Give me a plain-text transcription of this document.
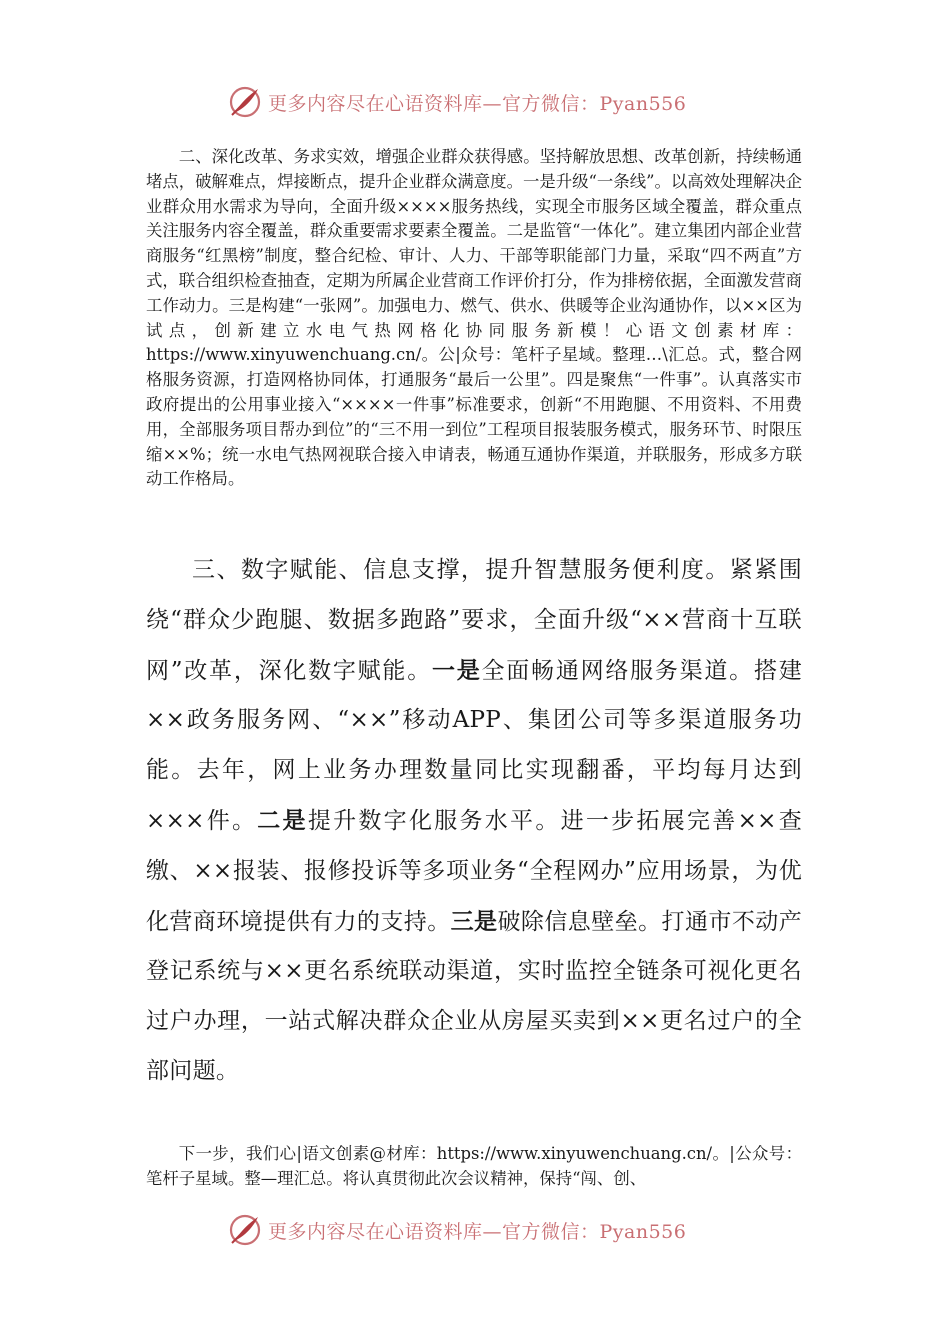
更多内容尽在心语资料库—官方微信：Pyan556

二、深化改革、务求实效，增强企业群众获得感。坚持解放思想、改革创新，持续畅通堵点，破解难点，焊接断点，提升企业群众满意度。一是升级“一条线”。以高效处理解决企业群众用水需求为导向，全面升级××××服务热线，实现全市服务区域全覆盖，群众重点关注服务内容全覆盖，群众重要需求要素全覆盖。二是监管“一体化”。建立集团内部企业营商服务“红黑榜”制度，整合纪检、审计、人力、干部等职能部门力量，采取“四不两直”方式，联合组织检查抽查，定期为所属企业营商工作评价打分，作为排榜依据，全面激发营商工作动力。三是构建“一张网”。加强电力、燃气、供水、供暖等企业沟通协作，以××区为试点，创新建立水电气热网格化协同服务新模！心语文创素材库：https://www.xinyuwenchuang.cn/。公|众号：笔杆子星域。整理…\汇总。式，整合网格服务资源，打造网格协同体，打通服务“最后一公里”。四是聚焦“一件事”。认真落实市政府提出的公用事业接入“××××一件事”标准要求，创新“不用跑腿、不用资料、不用费用，全部服务项目帮办到位”的“三不用一到位”工程项目报装服务模式，服务环节、时限压缩××%；统一水电气热网视联合接入申请表，畅通互通协作渠道，并联服务，形成多方联动工作格局。

三、数字赋能、信息支撑，提升智慧服务便利度。紧紧围绕“群众少跑腿、数据多跑路”要求，全面升级“××营商十互联网”改革，深化数字赋能。一是全面畅通网络服务渠道。搭建××政务服务网、“××”移动APP、集团公司等多渠道服务功能。去年，网上业务办理数量同比实现翻番，平均每月达到×××件。二是提升数字化服务水平。进一步拓展完善××查缴、××报装、报修投诉等多项业务“全程网办”应用场景，为优化营商环境提供有力的支持。三是破除信息壁垒。打通市不动产登记系统与××更名系统联动渠道，实时监控全链条可视化更名过户办理，一站式解决群众企业从房屋买卖到××更名过户的全部问题。

下一步，我们心|语文创素@材库：https://www.xinyuwenchuang.cn/。|公众号：笔杆子星域。整—理汇总。将认真贯彻此次会议精神，保持“闯、创、

更多内容尽在心语资料库—官方微信：Pyan556
